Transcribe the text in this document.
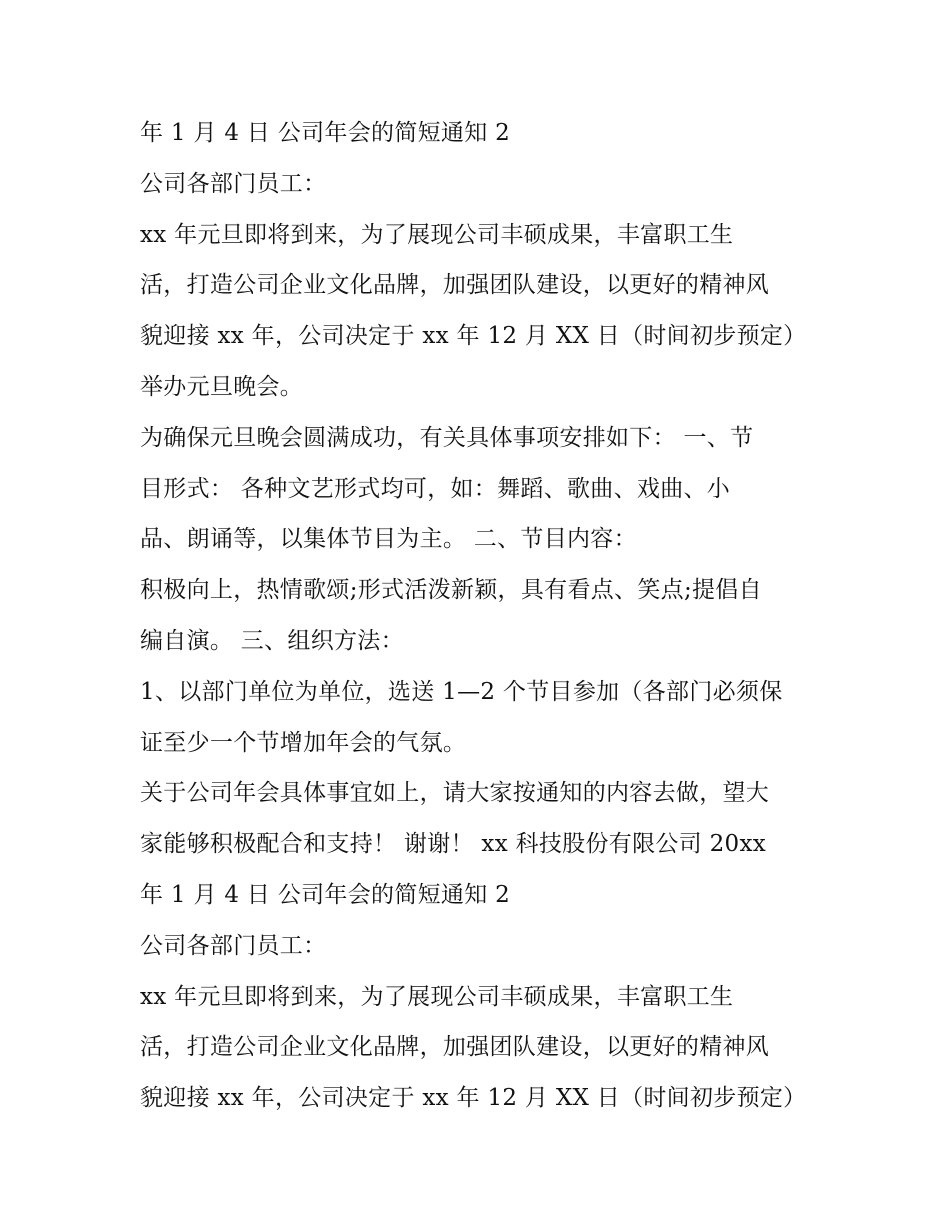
年 1 月 4 日 公司年会的简短通知 2
公司各部门员工：
xx 年元旦即将到来，为了展现公司丰硕成果，丰富职工生
活，打造公司企业文化品牌，加强团队建设，以更好的精神风
貌迎接 xx 年，公司决定于 xx 年 12 月 XX 日（时间初步预定）
举办元旦晚会。
为确保元旦晚会圆满成功，有关具体事项安排如下： 一、节
目形式： 各种文艺形式均可，如：舞蹈、歌曲、戏曲、小
品、朗诵等，以集体节目为主。 二、节目内容：
积极向上，热情歌颂;形式活泼新颖，具有看点、笑点;提倡自
编自演。 三、组织方法：
1、以部门单位为单位，选送 1—2 个节目参加（各部门必须保
证至少一个节增加年会的气氛。
关于公司年会具体事宜如上，请大家按通知的内容去做，望大
家能够积极配合和支持！ 谢谢！ xx 科技股份有限公司 20xx
年 1 月 4 日 公司年会的简短通知 2
公司各部门员工：
xx 年元旦即将到来，为了展现公司丰硕成果，丰富职工生
活，打造公司企业文化品牌，加强团队建设，以更好的精神风
貌迎接 xx 年，公司决定于 xx 年 12 月 XX 日（时间初步预定）
